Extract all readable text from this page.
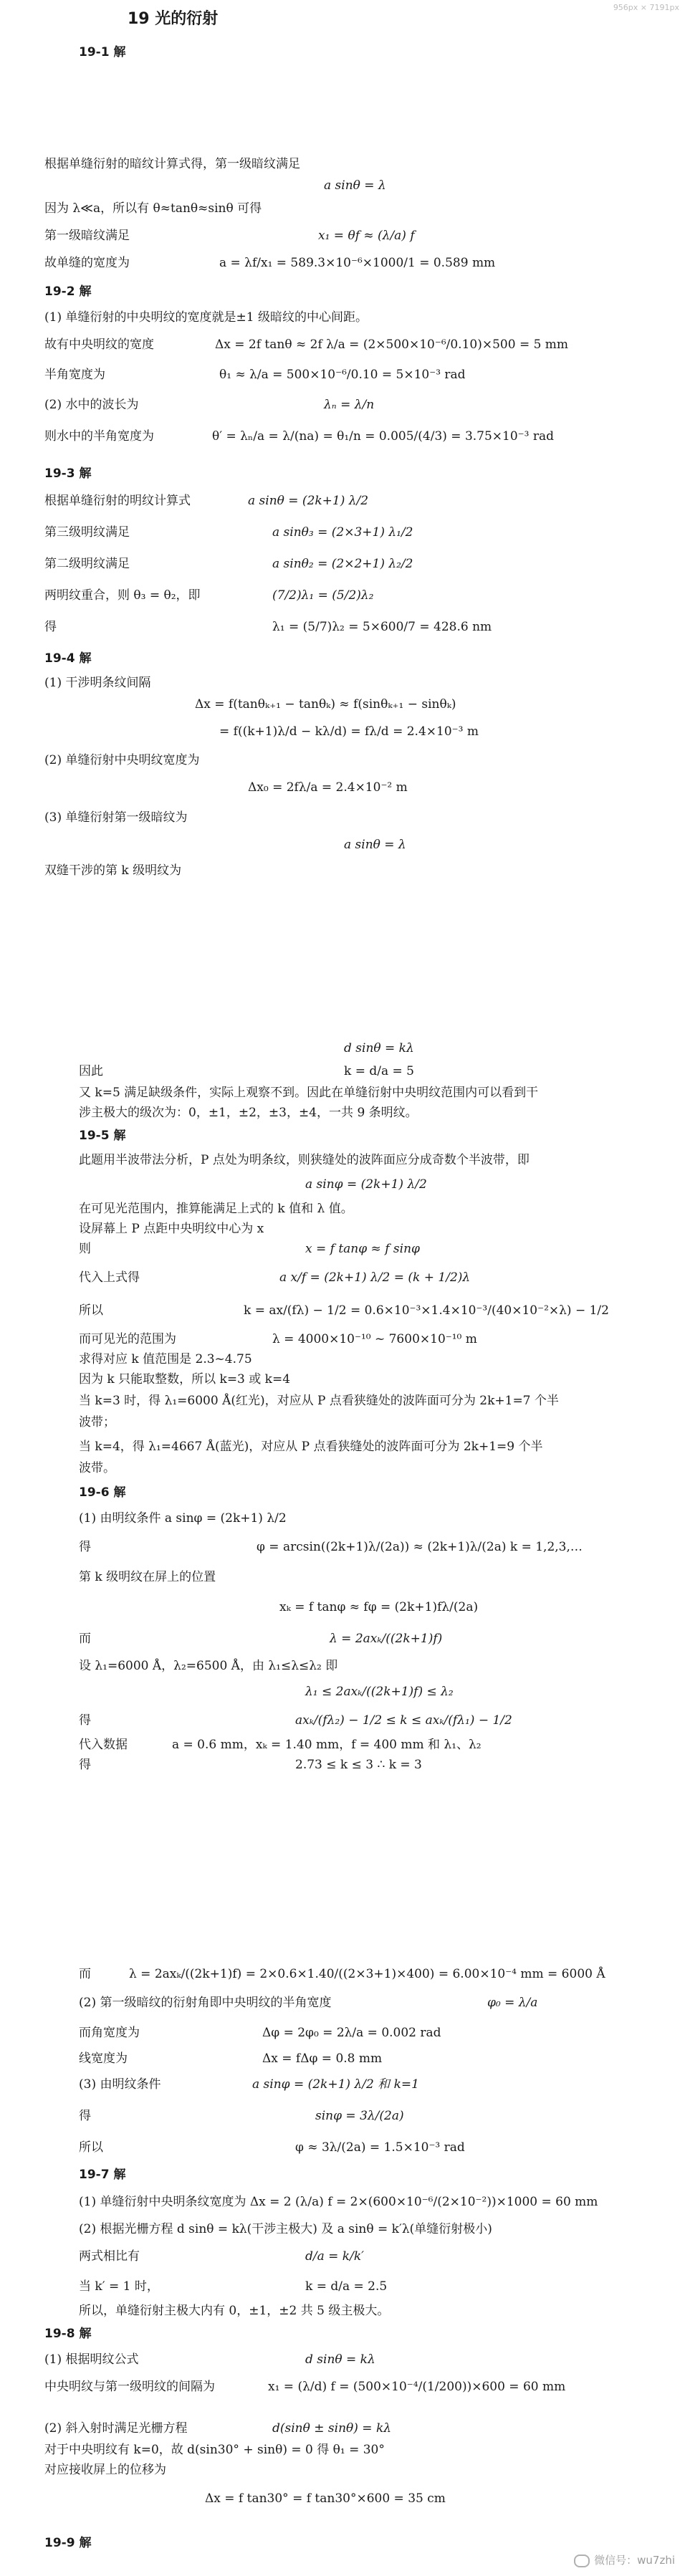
956px × 7191px
19 光的衍射
19-1 解
根据单缝衍射的暗纹计算式得，第一级暗纹满足
a sinθ = λ
因为 λ≪a，所以有 θ≈tanθ≈sinθ 可得
第一级暗纹满足	x₁ = θf ≈ (λ/a) f
故单缝的宽度为	a = λf/x₁ = 589.3×10⁻⁶×1000/1 = 0.589 mm
19-2 解
(1) 单缝衍射的中央明纹的宽度就是±1 级暗纹的中心间距。
故有中央明纹的宽度	Δx = 2f tanθ ≈ 2f λ/a = (2×500×10⁻⁶/0.10)×500 = 5 mm
半角宽度为	θ₁ ≈ λ/a = 500×10⁻⁶/0.10 = 5×10⁻³ rad
(2) 水中的波长为	λₙ = λ/n
则水中的半角宽度为	θ′ = λₙ/a = λ/(na) = θ₁/n = 0.005/(4/3) = 3.75×10⁻³ rad
19-3 解
根据单缝衍射的明纹计算式	a sinθ = (2k+1) λ/2
第三级明纹满足	a sinθ₃ = (2×3+1) λ₁/2
第二级明纹满足	a sinθ₂ = (2×2+1) λ₂/2
两明纹重合，则 θ₃ = θ₂，即	(7/2)λ₁ = (5/2)λ₂
得	λ₁ = (5/7)λ₂ = 5×600/7 = 428.6 nm
19-4 解
(1) 干涉明条纹间隔
Δx = f(tanθₖ₊₁ − tanθₖ) ≈ f(sinθₖ₊₁ − sinθₖ)
= f((k+1)λ/d − kλ/d) = fλ/d = 2.4×10⁻³ m
(2) 单缝衍射中央明纹宽度为
Δx₀ = 2fλ/a = 2.4×10⁻² m
(3) 单缝衍射第一级暗纹为
a sinθ = λ
双缝干涉的第 k 级明纹为
d sinθ = kλ
因此	k = d/a = 5
又 k=5 满足缺级条件，实际上观察不到。因此在单缝衍射中央明纹范围内可以看到干
涉主极大的级次为：0，±1，±2，±3，±4，一共 9 条明纹。
19-5 解
此题用半波带法分析，P 点处为明条纹，则狭缝处的波阵面应分成奇数个半波带，即
a sinφ = (2k+1) λ/2
在可见光范围内，推算能满足上式的 k 值和 λ 值。
设屏幕上 P 点距中央明纹中心为 x
则	x = f tanφ ≈ f sinφ
代入上式得	a x/f = (2k+1) λ/2 = (k + 1/2)λ
所以	k = ax/(fλ) − 1/2 = 0.6×10⁻³×1.4×10⁻³/(40×10⁻²×λ) − 1/2
而可见光的范围为	λ = 4000×10⁻¹⁰ ~ 7600×10⁻¹⁰ m
求得对应 k 值范围是 2.3~4.75
因为 k 只能取整数，所以 k=3 或 k=4
当 k=3 时，得 λ₁=6000 Å(红光)，对应从 P 点看狭缝处的波阵面可分为 2k+1=7 个半
波带；
当 k=4，得 λ₁=4667 Å(蓝光)，对应从 P 点看狭缝处的波阵面可分为 2k+1=9 个半
波带。
19-6 解
(1) 由明纹条件 a sinφ = (2k+1) λ/2
得	φ = arcsin((2k+1)λ/(2a)) ≈ (2k+1)λ/(2a) k = 1,2,3,…
第 k 级明纹在屏上的位置
xₖ = f tanφ ≈ fφ = (2k+1)fλ/(2a)
而	λ = 2axₖ/((2k+1)f)
设 λ₁=6000 Å，λ₂=6500 Å，由 λ₁≤λ≤λ₂ 即
λ₁ ≤ 2axₖ/((2k+1)f) ≤ λ₂
得	axₖ/(fλ₂) − 1/2 ≤ k ≤ axₖ/(fλ₁) − 1/2
代入数据	a = 0.6 mm，xₖ = 1.40 mm，f = 400 mm 和 λ₁、λ₂
得	2.73 ≤ k ≤ 3 ∴ k = 3
而	λ = 2axₖ/((2k+1)f) = 2×0.6×1.40/((2×3+1)×400) = 6.00×10⁻⁴ mm = 6000 Å
(2) 第一级暗纹的衍射角即中央明纹的半角宽度	φ₀ = λ/a
而角宽度为	Δφ = 2φ₀ = 2λ/a = 0.002 rad
线宽度为	Δx = fΔφ = 0.8 mm
(3) 由明纹条件	a sinφ = (2k+1) λ/2 和 k=1
得	sinφ = 3λ/(2a)
所以	φ ≈ 3λ/(2a) = 1.5×10⁻³ rad
19-7 解
(1) 单缝衍射中央明条纹宽度为 Δx = 2 (λ/a) f = 2×(600×10⁻⁶/(2×10⁻²))×1000 = 60 mm
(2) 根据光栅方程 d sinθ = kλ(干涉主极大) 及 a sinθ = k′λ(单缝衍射极小)
两式相比有	d/a = k/k′
当 k′ = 1 时，	k = d/a = 2.5
所以，单缝衍射主极大内有 0，±1，±2 共 5 级主极大。
19-8 解
(1) 根据明纹公式	d sinθ = kλ
中央明纹与第一级明纹的间隔为	x₁ = (λ/d) f = (500×10⁻⁴/(1/200))×600 = 60 mm
(2) 斜入射时满足光栅方程	d(sinθ ± sinθ) = kλ
对于中央明纹有 k=0，故 d(sin30° + sinθ) = 0 得 θ₁ = 30°
对应接收屏上的位移为
Δx = f tan30° = f tan30°×600 = 35 cm
19-9 解
微信号：wu7zhi
